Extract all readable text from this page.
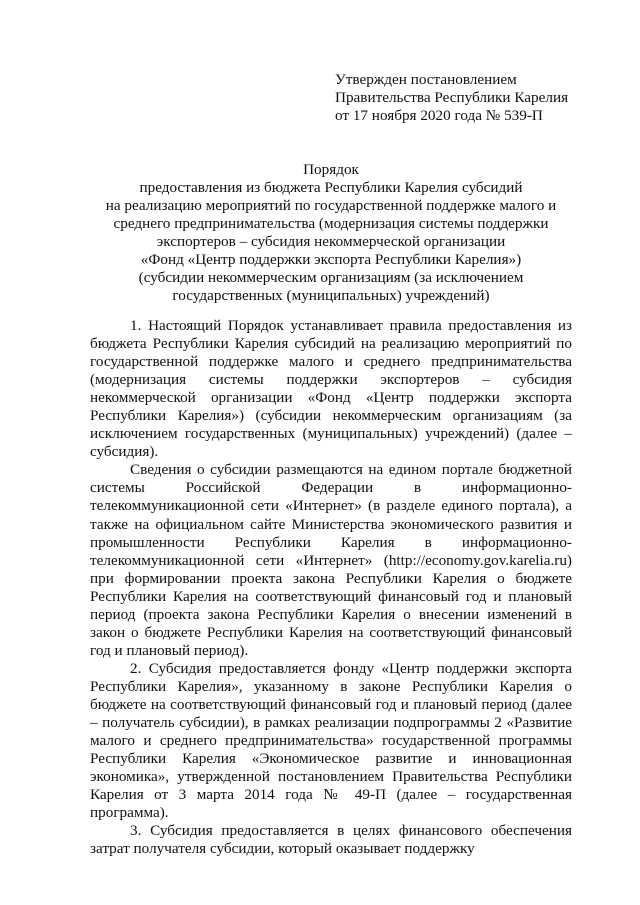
Утвержден постановлением
Правительства Республики Карелия
от 17 ноября 2020 года № 539-П
Порядок
предоставления из бюджета Республики Карелия субсидий
на реализацию мероприятий по государственной поддержке малого и
среднего предпринимательства (модернизация системы поддержки
экспортеров – субсидия некоммерческой организации
«Фонд «Центр поддержки экспорта Республики Карелия»)
(субсидии некоммерческим организациям (за исключением
государственных (муниципальных) учреждений)

1. Настоящий Порядок устанавливает правила предоставления из бюджета Республики Карелия субсидий на реализацию мероприятий по государственной поддержке малого и среднего предпринимательства (модернизация системы поддержки экспортеров – субсидия некоммерческой организации «Фонд «Центр поддержки экспорта Республики Карелия») (субсидии некоммерческим организациям (за исключением государственных (муниципальных) учреждений) (далее – субсидия).

Сведения о субсидии размещаются на едином портале бюджетной системы Российской Федерации в информационно-телекоммуникационной сети «Интернет» (в разделе единого портала), а также на официальном сайте Министерства экономического развития и промышленности Республики Карелия в информационно-телекоммуникационной сети «Интернет» (http://economy.gov.karelia.ru) при формировании проекта закона Республики Карелия о бюджете Республики Карелия на соответствующий финансовый год и плановый период (проекта закона Республики Карелия о внесении изменений в закон о бюджете Республики Карелия на соответствующий финансовый год и плановый период).

2. Субсидия предоставляется фонду «Центр поддержки экспорта Республики Карелия», указанному в законе Республики Карелия о бюджете на соответствующий финансовый год и плановый период (далее – получатель субсидии), в рамках реализации подпрограммы 2 «Развитие малого и среднего предпринимательства» государственной программы Республики Карелия «Экономическое развитие и инновационная экономика», утвержденной постановлением Правительства Республики Карелия от 3 марта 2014 года № 49-П (далее – государственная программа).

3. Субсидия предоставляется в целях финансового обеспечения затрат получателя субсидии, который оказывает поддержку
